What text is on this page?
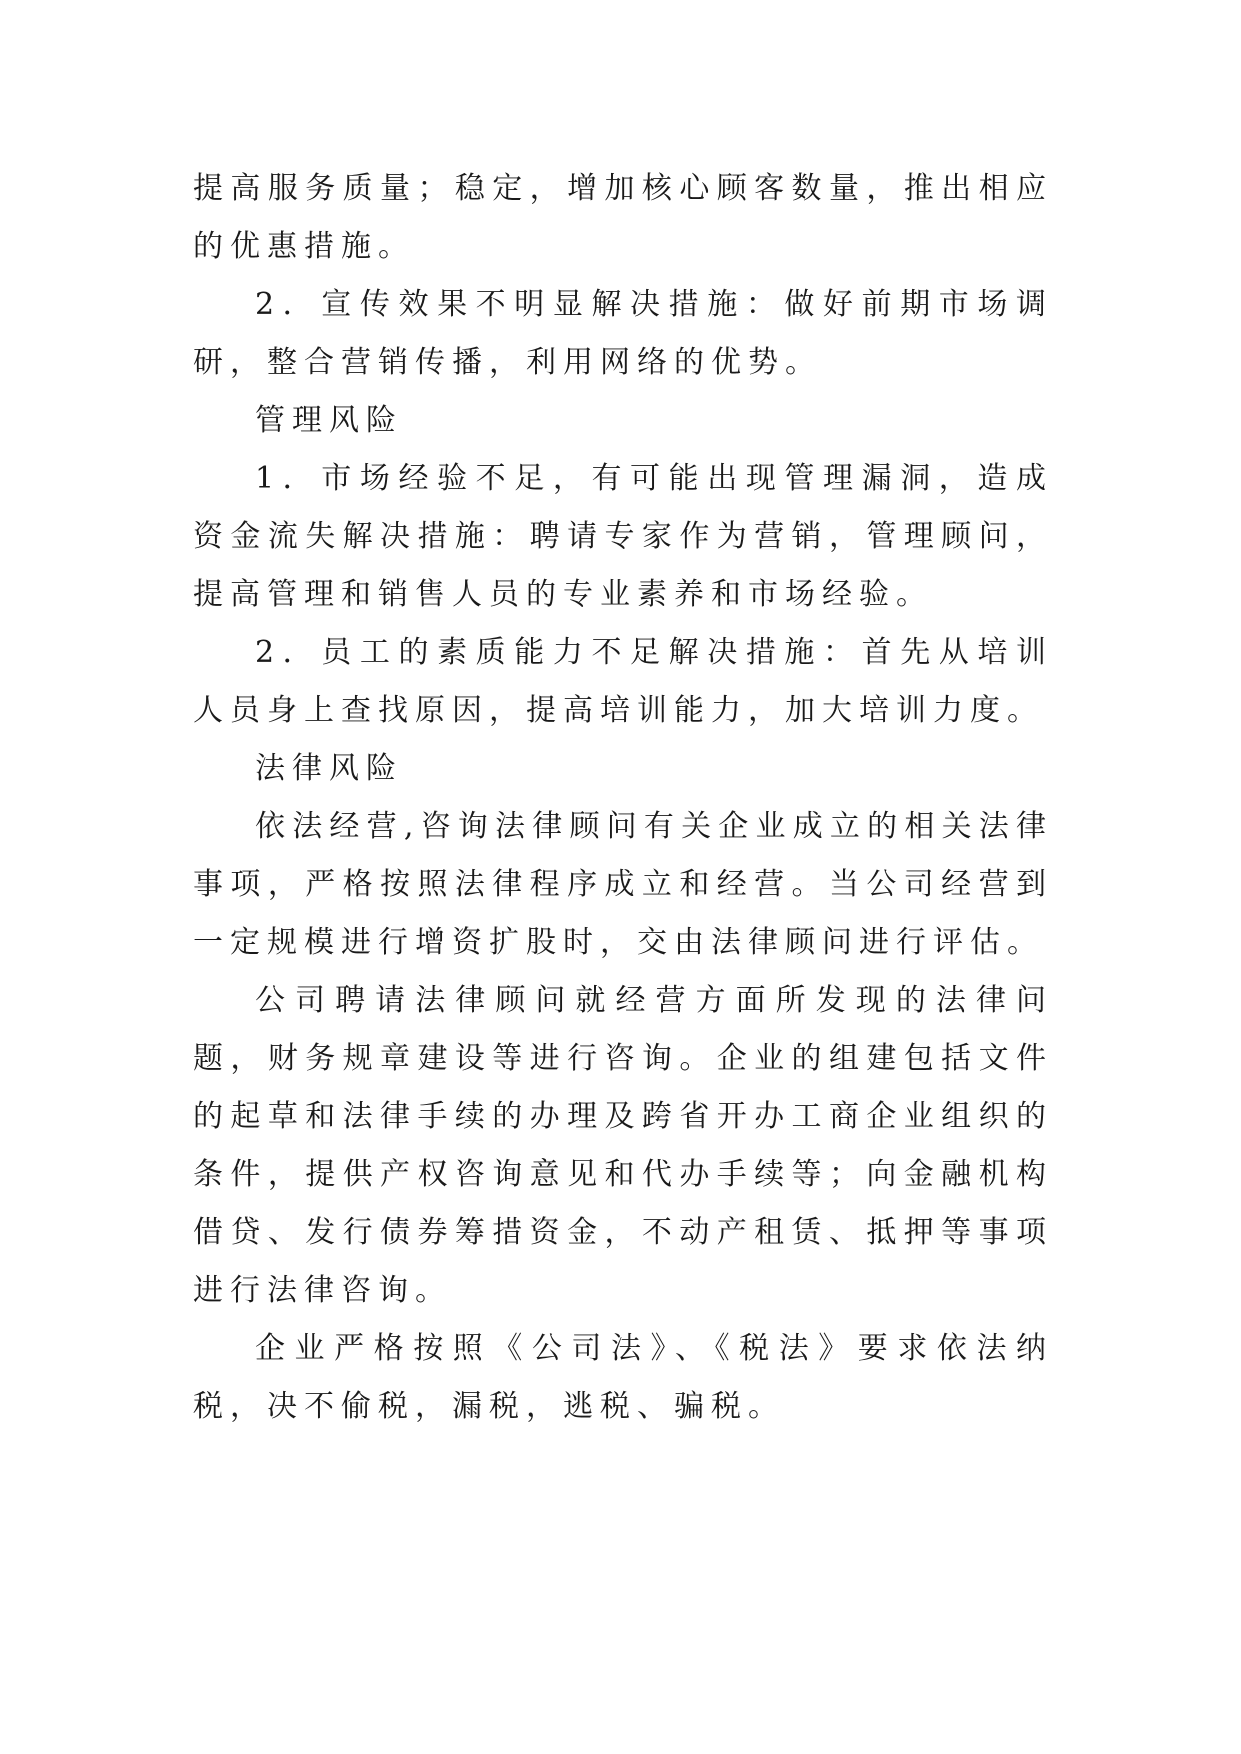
提高服务质量；稳定，增加核心顾客数量，推出相应的优惠措施。

2．宣传效果不明显解决措施：做好前期市场调研，整合营销传播，利用网络的优势。

管理风险

1．市场经验不足，有可能出现管理漏洞，造成资金流失解决措施：聘请专家作为营销，管理顾问，提高管理和销售人员的专业素养和市场经验。

2．员工的素质能力不足解决措施：首先从培训人员身上查找原因，提高培训能力，加大培训力度。

法律风险

依法经营,咨询法律顾问有关企业成立的相关法律事项，严格按照法律程序成立和经营。当公司经营到一定规模进行增资扩股时，交由法律顾问进行评估。

公司聘请法律顾问就经营方面所发现的法律问题，财务规章建设等进行咨询。企业的组建包括文件的起草和法律手续的办理及跨省开办工商企业组织的条件，提供产权咨询意见和代办手续等；向金融机构借贷、发行债券筹措资金，不动产租赁、抵押等事项进行法律咨询。

企业严格按照《公司法》、《税法》要求依法纳税，决不偷税，漏税，逃税、骗税。
